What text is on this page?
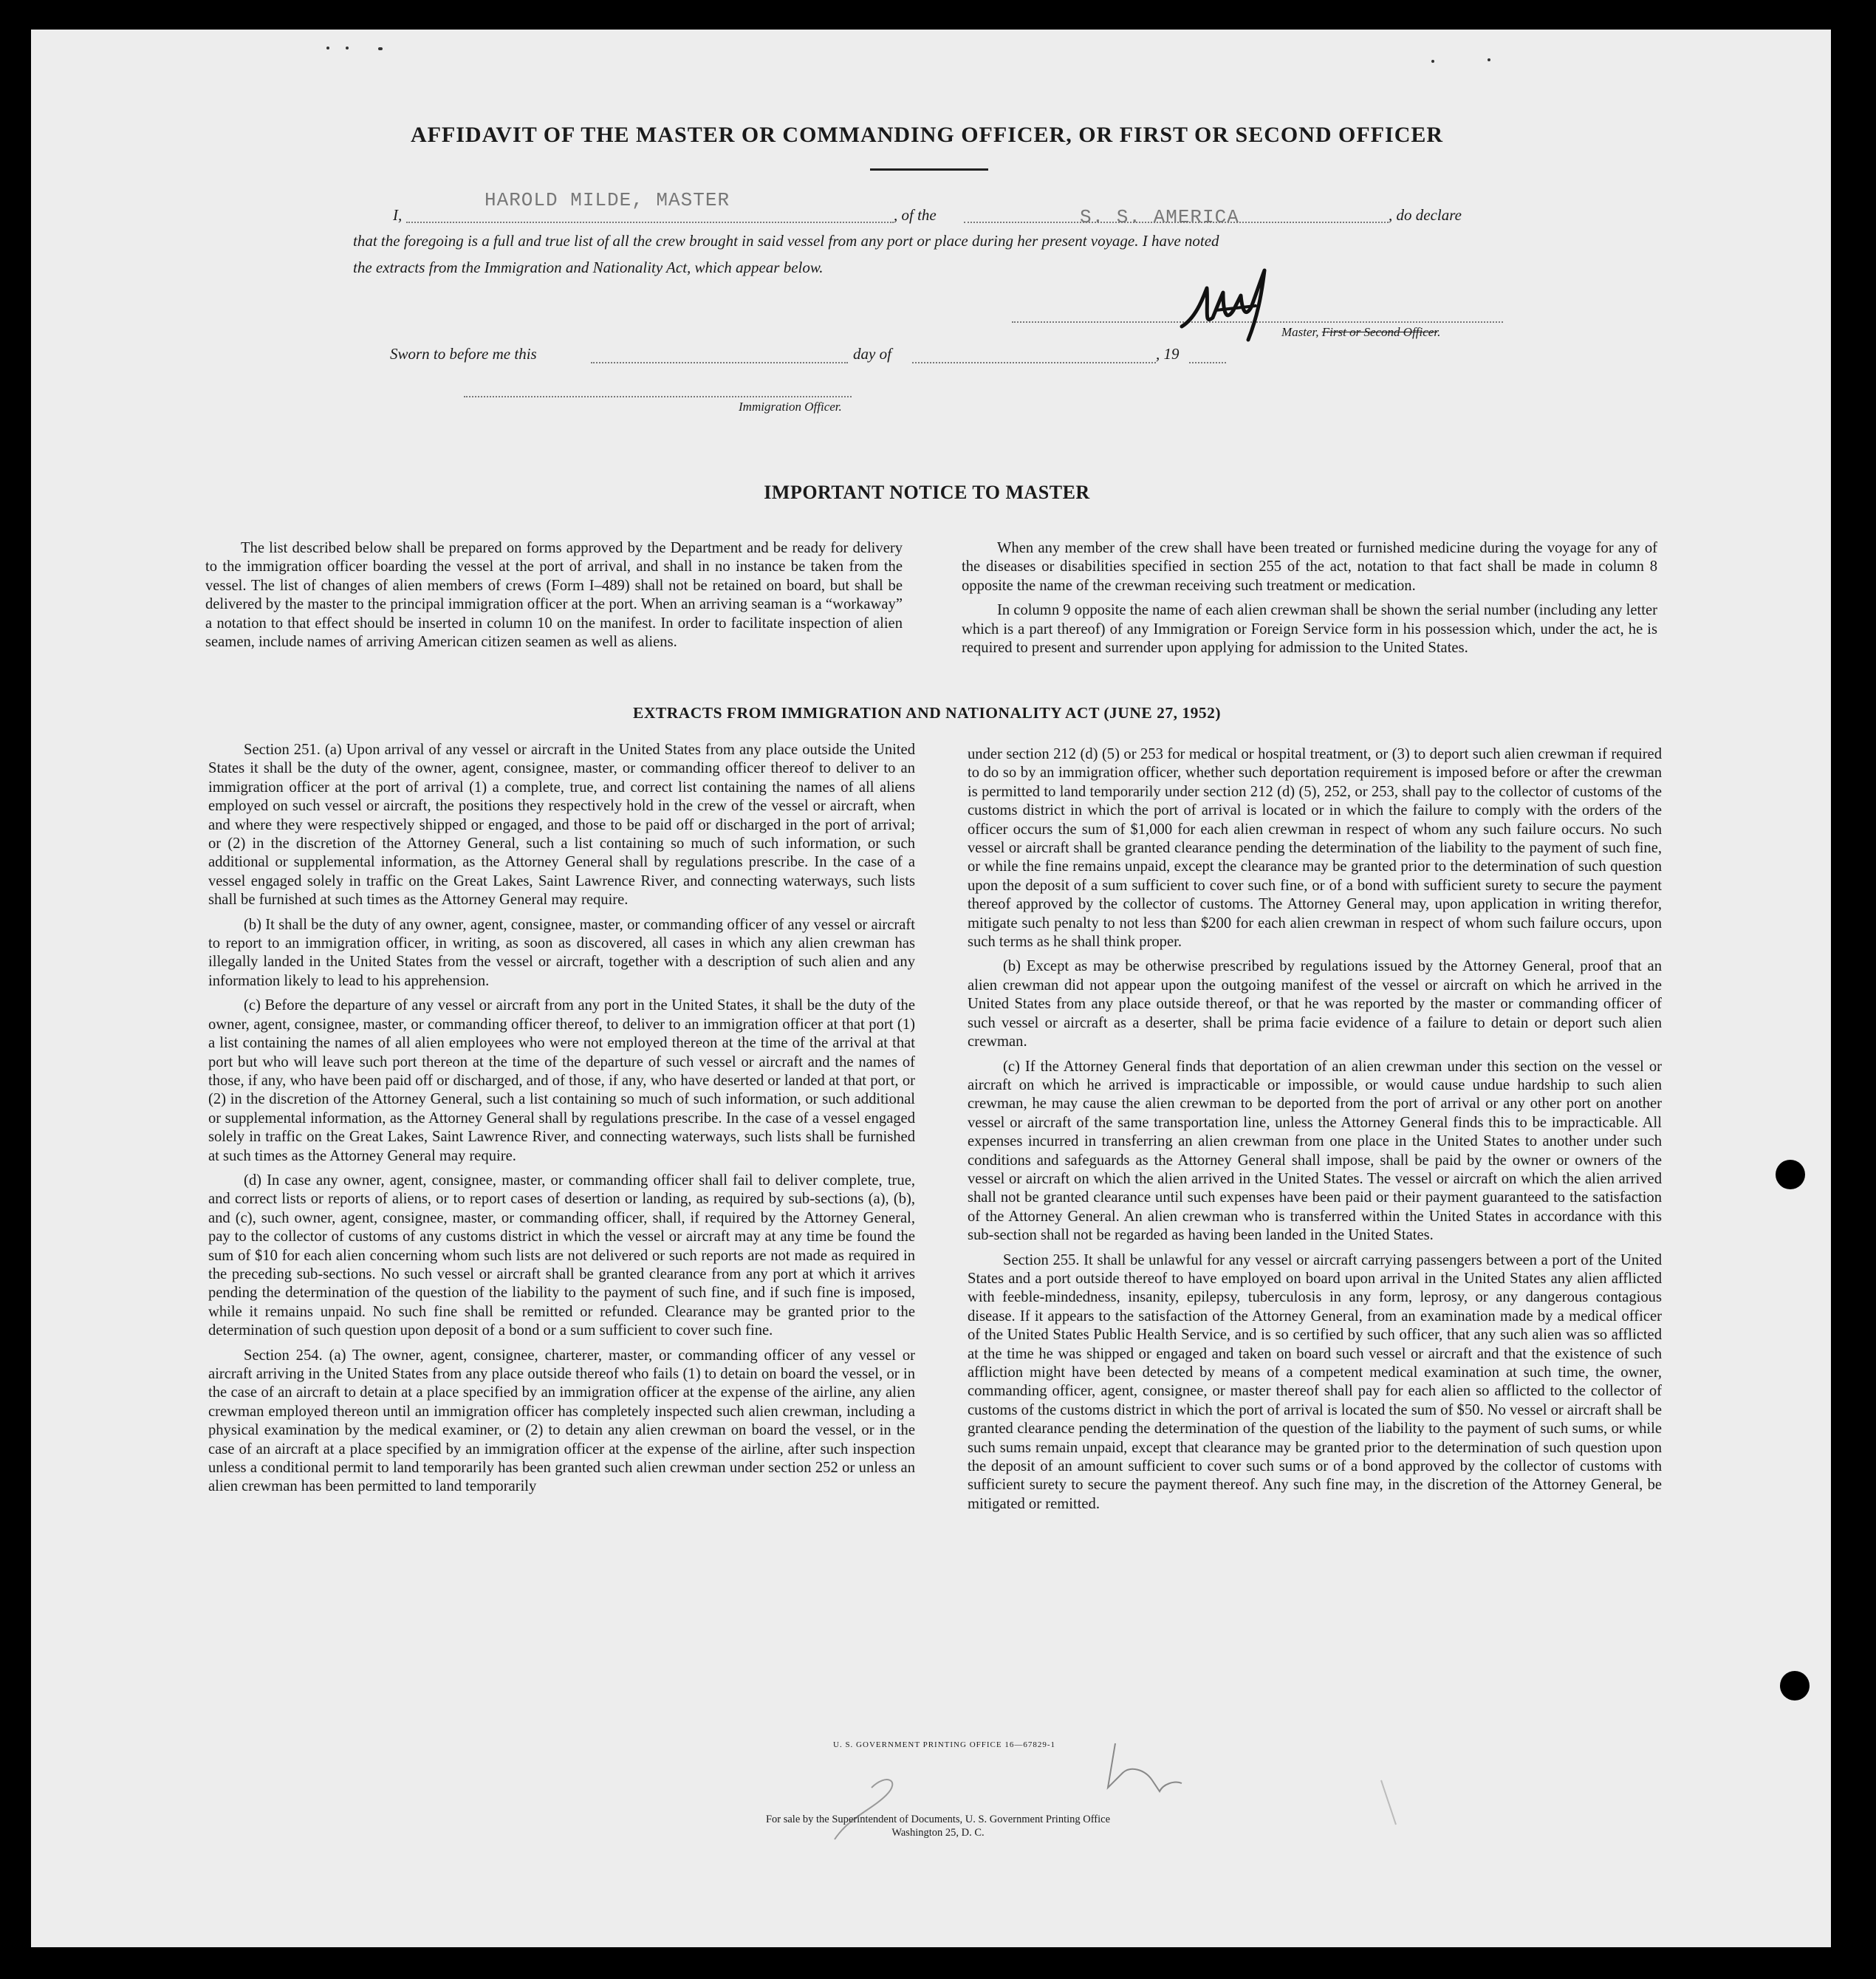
AFFIDAVIT OF THE MASTER OR COMMANDING OFFICER, OR FIRST OR SECOND OFFICER
I,
HAROLD MILDE, MASTER
, of the	S. S. AMERICA	, do declare
that the foregoing is a full and true list of all the crew brought in said vessel from any port or place during her present voyage. I have noted
the extracts from the Immigration and Nationality Act, which appear below.
Master, First or Second Officer.
Sworn to before me this	day of	, 19
Immigration Officer.
IMPORTANT NOTICE TO MASTER

The list described below shall be prepared on forms approved by the Department and be ready for delivery to the immigration officer boarding the vessel at the port of arrival, and shall in no instance be taken from the vessel. The list of changes of alien members of crews (Form I–489) shall not be retained on board, but shall be delivered by the master to the principal immigration officer at the port. When an arriving seaman is a “workaway” a notation to that effect should be inserted in column 10 on the manifest. In order to facilitate inspection of alien seamen, include names of arriving American citizen seamen as well as aliens.

When any member of the crew shall have been treated or furnished medicine during the voyage for any of the diseases or disabilities specified in section 255 of the act, notation to that fact shall be made in column 8 opposite the name of the crewman receiving such treatment or medication.

In column 9 opposite the name of each alien crewman shall be shown the serial number (including any letter which is a part thereof) of any Immigration or Foreign Service form in his possession which, under the act, he is required to present and surrender upon applying for admission to the United States.

EXTRACTS FROM IMMIGRATION AND NATIONALITY ACT (JUNE 27, 1952)

Section 251. (a) Upon arrival of any vessel or aircraft in the United States from any place outside the United States it shall be the duty of the owner, agent, consignee, master, or commanding officer thereof to deliver to an immigration officer at the port of arrival (1) a complete, true, and correct list containing the names of all aliens employed on such vessel or aircraft, the positions they respectively hold in the crew of the vessel or aircraft, when and where they were respectively shipped or engaged, and those to be paid off or discharged in the port of arrival; or (2) in the discretion of the Attorney General, such a list containing so much of such information, or such additional or supplemental information, as the Attorney General shall by regulations prescribe. In the case of a vessel engaged solely in traffic on the Great Lakes, Saint Lawrence River, and connecting waterways, such lists shall be furnished at such times as the Attorney General may require.

(b) It shall be the duty of any owner, agent, consignee, master, or commanding officer of any vessel or aircraft to report to an immigration officer, in writing, as soon as discovered, all cases in which any alien crewman has illegally landed in the United States from the vessel or aircraft, together with a description of such alien and any information likely to lead to his apprehension.

(c) Before the departure of any vessel or aircraft from any port in the United States, it shall be the duty of the owner, agent, consignee, master, or commanding officer thereof, to deliver to an immigration officer at that port (1) a list containing the names of all alien employees who were not employed thereon at the time of the arrival at that port but who will leave such port thereon at the time of the departure of such vessel or aircraft and the names of those, if any, who have been paid off or discharged, and of those, if any, who have deserted or landed at that port, or (2) in the discretion of the Attorney General, such a list containing so much of such information, or such additional or supplemental information, as the Attorney General shall by regulations prescribe. In the case of a vessel engaged solely in traffic on the Great Lakes, Saint Lawrence River, and connecting waterways, such lists shall be furnished at such times as the Attorney General may require.

(d) In case any owner, agent, consignee, master, or commanding officer shall fail to deliver complete, true, and correct lists or reports of aliens, or to report cases of desertion or landing, as required by sub-sections (a), (b), and (c), such owner, agent, consignee, master, or commanding officer, shall, if required by the Attorney General, pay to the collector of customs of any customs district in which the vessel or aircraft may at any time be found the sum of $10 for each alien concerning whom such lists are not delivered or such reports are not made as required in the preceding sub-sections. No such vessel or aircraft shall be granted clearance from any port at which it arrives pending the determination of the question of the liability to the payment of such fine, and if such fine is imposed, while it remains unpaid. No such fine shall be remitted or refunded. Clearance may be granted prior to the determination of such question upon deposit of a bond or a sum sufficient to cover such fine.

Section 254. (a) The owner, agent, consignee, charterer, master, or commanding officer of any vessel or aircraft arriving in the United States from any place outside thereof who fails (1) to detain on board the vessel, or in the case of an aircraft to detain at a place specified by an immigration officer at the expense of the airline, any alien crewman employed thereon until an immigration officer has completely inspected such alien crewman, including a physical examination by the medical examiner, or (2) to detain any alien crewman on board the vessel, or in the case of an aircraft at a place specified by an immigration officer at the expense of the airline, after such inspection unless a conditional permit to land temporarily has been granted such alien crewman under section 252 or unless an alien crewman has been permitted to land temporarily

under section 212 (d) (5) or 253 for medical or hospital treatment, or (3) to deport such alien crewman if required to do so by an immigration officer, whether such deportation requirement is imposed before or after the crewman is permitted to land temporarily under section 212 (d) (5), 252, or 253, shall pay to the collector of customs of the customs district in which the port of arrival is located or in which the failure to comply with the orders of the officer occurs the sum of $1,000 for each alien crewman in respect of whom any such failure occurs. No such vessel or aircraft shall be granted clearance pending the determination of the liability to the payment of such fine, or while the fine remains unpaid, except the clearance may be granted prior to the determination of such question upon the deposit of a sum sufficient to cover such fine, or of a bond with sufficient surety to secure the payment thereof approved by the collector of customs. The Attorney General may, upon application in writing therefor, mitigate such penalty to not less than $200 for each alien crewman in respect of whom such failure occurs, upon such terms as he shall think proper.

(b) Except as may be otherwise prescribed by regulations issued by the Attorney General, proof that an alien crewman did not appear upon the outgoing manifest of the vessel or aircraft on which he arrived in the United States from any place outside thereof, or that he was reported by the master or commanding officer of such vessel or aircraft as a deserter, shall be prima facie evidence of a failure to detain or deport such alien crewman.

(c) If the Attorney General finds that deportation of an alien crewman under this section on the vessel or aircraft on which he arrived is impracticable or impossible, or would cause undue hardship to such alien crewman, he may cause the alien crewman to be deported from the port of arrival or any other port on another vessel or aircraft of the same transportation line, unless the Attorney General finds this to be impracticable. All expenses incurred in transferring an alien crewman from one place in the United States to another under such conditions and safeguards as the Attorney General shall impose, shall be paid by the owner or owners of the vessel or aircraft on which the alien arrived in the United States. The vessel or aircraft on which the alien arrived shall not be granted clearance until such expenses have been paid or their payment guaranteed to the satisfaction of the Attorney General. An alien crewman who is transferred within the United States in accordance with this sub-section shall not be regarded as having been landed in the United States.

Section 255. It shall be unlawful for any vessel or aircraft carrying passengers between a port of the United States and a port outside thereof to have employed on board upon arrival in the United States any alien afflicted with feeble-mindedness, insanity, epilepsy, tuberculosis in any form, leprosy, or any dangerous contagious disease. If it appears to the satisfaction of the Attorney General, from an examination made by a medical officer of the United States Public Health Service, and is so certified by such officer, that any such alien was so afflicted at the time he was shipped or engaged and taken on board such vessel or aircraft and that the existence of such affliction might have been detected by means of a competent medical examination at such time, the owner, commanding officer, agent, consignee, or master thereof shall pay for each alien so afflicted to the collector of customs of the customs district in which the port of arrival is located the sum of $50. No vessel or aircraft shall be granted clearance pending the determination of the question of the liability to the payment of such sums, or while such sums remain unpaid, except that clearance may be granted prior to the determination of such question upon the deposit of an amount sufficient to cover such sums or of a bond approved by the collector of customs with sufficient surety to secure the payment thereof. Any such fine may, in the discretion of the Attorney General, be mitigated or remitted.

U. S. GOVERNMENT PRINTING OFFICE 16—67829-1
For sale by the Superintendent of Documents, U. S. Government Printing Office
Washington 25, D. C.
